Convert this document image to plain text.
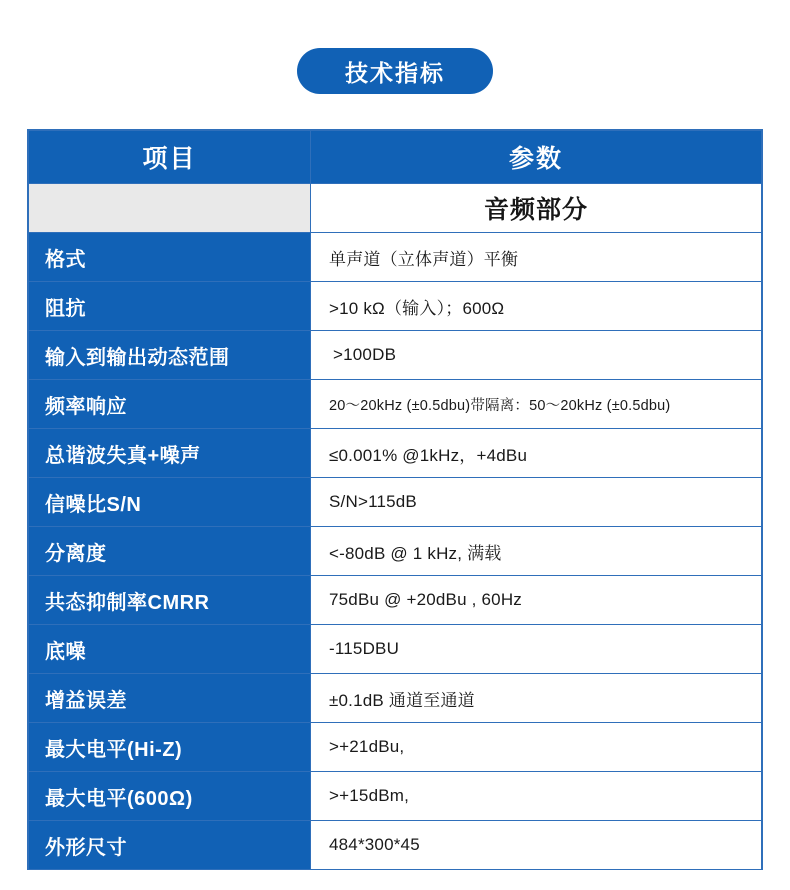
技术指标
项目	参数
	音频部分
格式	单声道（立体声道）平衡
阻抗	>10 kΩ（输入）；600Ω
输入到输出动态范围	>100DB
频率响应	20～20kHz (±0.5dbu)带隔离：50～20kHz (±0.5dbu)
总谐波失真+噪声	≤0.001% @1kHz，+4dBu
信噪比S/N	S/N>115dB
分离度	<-80dB @ 1 kHz, 满载
共态抑制率CMRR	75dBu @ +20dBu , 60Hz
底噪	-115DBU
增益误差	±0.1dB 通道至通道
最大电平(Hi-Z)	>+21dBu,
最大电平(600Ω)	>+15dBm,
外形尺寸	484*300*45
